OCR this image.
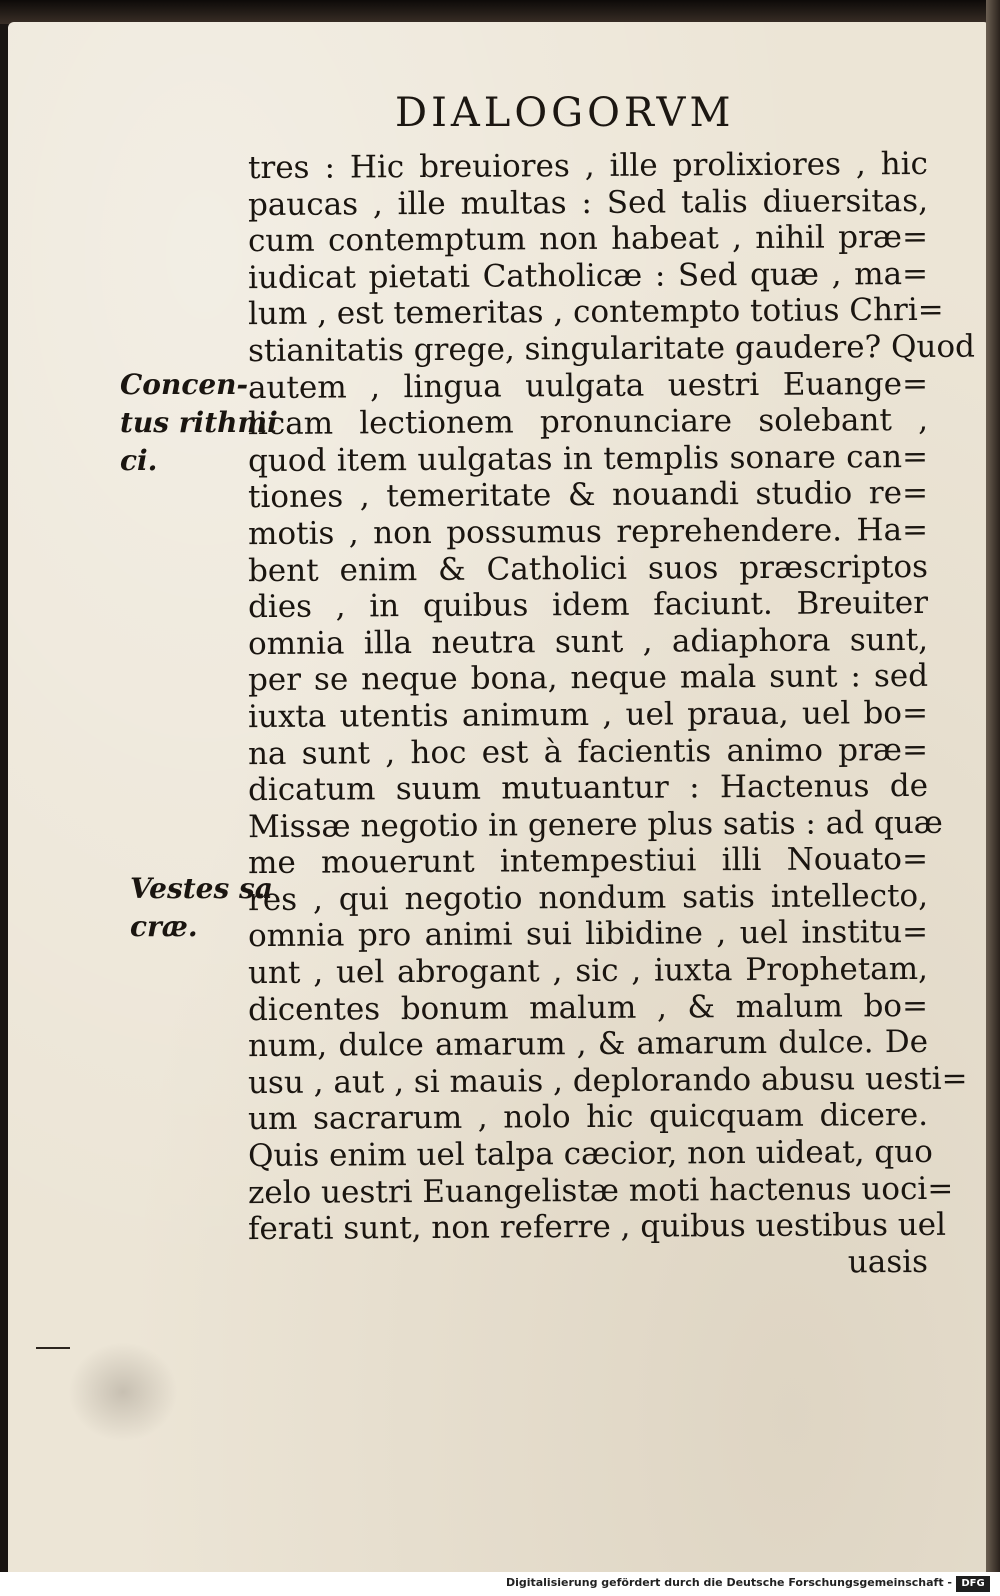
DIALOGORVM
tres : Hic breuiores , ille prolixiores , hic
paucas , ille multas : Sed talis diuersitas,
cum contemptum non habeat , nihil præ=
iudicat pietati Catholicæ : Sed quæ , ma=
lum , est temeritas , contempto totius Chri=
stianitatis grege, singularitate gaudere? Quod
autem , lingua uulgata uestri Euange=
licam lectionem pronunciare solebant ,
quod item uulgatas in templis sonare can=
tiones , temeritate & nouandi studio re=
motis , non possumus reprehendere. Ha=
bent enim & Catholici suos præscriptos
dies , in quibus idem faciunt. Breuiter
omnia illa neutra sunt , adiaphora sunt,
per se neque bona, neque mala sunt : sed
iuxta utentis animum , uel praua, uel bo=
na sunt , hoc est à facientis animo præ=
dicatum suum mutuantur : Hactenus de
Missæ negotio in genere plus satis : ad quæ
me mouerunt intempestiui illi Nouato=
res , qui negotio nondum satis intellecto,
omnia pro animi sui libidine , uel institu=
unt , uel abrogant , sic , iuxta Prophetam,
dicentes bonum malum , & malum bo=
num, dulce amarum , & amarum dulce. De
usu , aut , si mauis , deplorando abusu uesti=
um sacrarum , nolo hic quicquam dicere.
Quis enim uel talpa cæcior, non uideat, quo
zelo uestri Euangelistæ moti hactenus uoci=
ferati sunt, non referre , quibus uestibus uel
uasis
Concen-
tus rithmi
ci.
Vestes sa
cræ.
Digitalisierung gefördert durch die Deutsche Forschungsgemeinschaft - DFG
